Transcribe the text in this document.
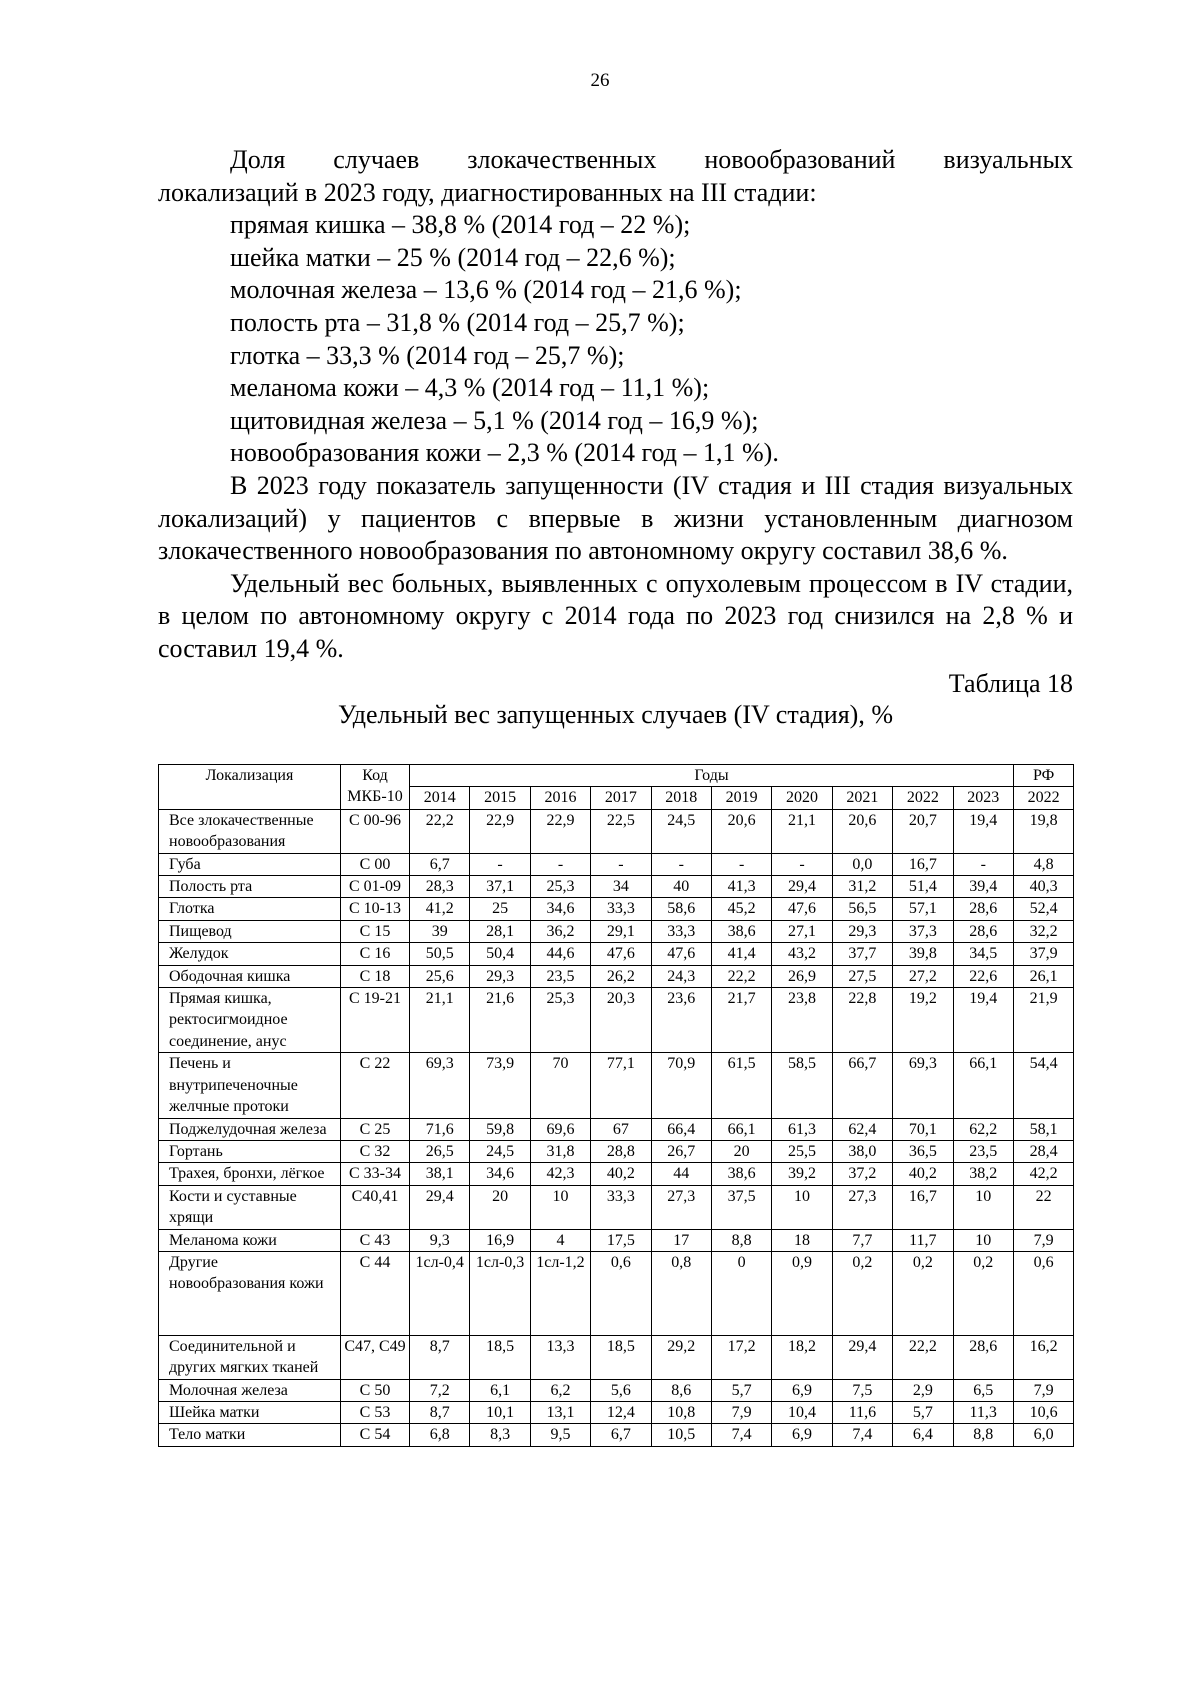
26

Доля случаев злокачественных новообразований визуальных

локализаций в 2023 году, диагностированных на III стадии:

прямая кишка – 38,8 % (2014 год – 22 %);

шейка матки – 25 % (2014 год – 22,6 %);

молочная железа – 13,6 % (2014 год – 21,6 %);

полость рта – 31,8 % (2014 год – 25,7 %);

глотка – 33,3 % (2014 год – 25,7 %);

меланома кожи – 4,3 % (2014 год – 11,1 %);

щитовидная железа – 5,1 % (2014 год – 16,9 %);

новообразования кожи – 2,3 % (2014 год – 1,1 %).

В 2023 году показатель запущенности (IV стадия и III стадия визуальных локализаций) у пациентов с впервые в жизни установленным диагнозом злокачественного новообразования по автономному округу составил 38,6 %.

Удельный вес больных, выявленных с опухолевым процессом в IV стадии, в целом по автономному округу с 2014 года по 2023 год снизился на 2,8 % и составил 19,4 %.

Таблица 18

Удельный вес запущенных случаев (IV стадия), %

Локализация	Код МКБ-10	Годы										РФ
		2014	2015	2016	2017	2018	2019	2020	2021	2022	2023	2022
Все злокачественные новообразования	С 00-96	22,2	22,9	22,9	22,5	24,5	20,6	21,1	20,6	20,7	19,4	19,8
Губа	С 00	6,7	-	-	-	-	-	-	0,0	16,7	-	4,8
Полость рта	С 01-09	28,3	37,1	25,3	34	40	41,3	29,4	31,2	51,4	39,4	40,3
Глотка	С 10-13	41,2	25	34,6	33,3	58,6	45,2	47,6	56,5	57,1	28,6	52,4
Пищевод	С 15	39	28,1	36,2	29,1	33,3	38,6	27,1	29,3	37,3	28,6	32,2
Желудок	С 16	50,5	50,4	44,6	47,6	47,6	41,4	43,2	37,7	39,8	34,5	37,9
Ободочная кишка	С 18	25,6	29,3	23,5	26,2	24,3	22,2	26,9	27,5	27,2	22,6	26,1
Прямая кишка, ректосигмоидное соединение, анус	С 19-21	21,1	21,6	25,3	20,3	23,6	21,7	23,8	22,8	19,2	19,4	21,9
Печень и внутрипеченочные желчные протоки	С 22	69,3	73,9	70	77,1	70,9	61,5	58,5	66,7	69,3	66,1	54,4
Поджелудочная железа	С 25	71,6	59,8	69,6	67	66,4	66,1	61,3	62,4	70,1	62,2	58,1
Гортань	С 32	26,5	24,5	31,8	28,8	26,7	20	25,5	38,0	36,5	23,5	28,4
Трахея, бронхи, лёгкое	С 33-34	38,1	34,6	42,3	40,2	44	38,6	39,2	37,2	40,2	38,2	42,2
Кости и суставные хрящи	С40,41	29,4	20	10	33,3	27,3	37,5	10	27,3	16,7	10	22
Меланома кожи	С 43	9,3	16,9	4	17,5	17	8,8	18	7,7	11,7	10	7,9
Другие новообразования кожи	С 44	1сл-0,4	1сл-0,3	1сл-1,2	0,6	0,8	0	0,9	0,2	0,2	0,2	0,6
Соединительной и других мягких тканей	С47, С49	8,7	18,5	13,3	18,5	29,2	17,2	18,2	29,4	22,2	28,6	16,2
Молочная железа	С 50	7,2	6,1	6,2	5,6	8,6	5,7	6,9	7,5	2,9	6,5	7,9
Шейка матки	С 53	8,7	10,1	13,1	12,4	10,8	7,9	10,4	11,6	5,7	11,3	10,6
Тело матки	С 54	6,8	8,3	9,5	6,7	10,5	7,4	6,9	7,4	6,4	8,8	6,0
